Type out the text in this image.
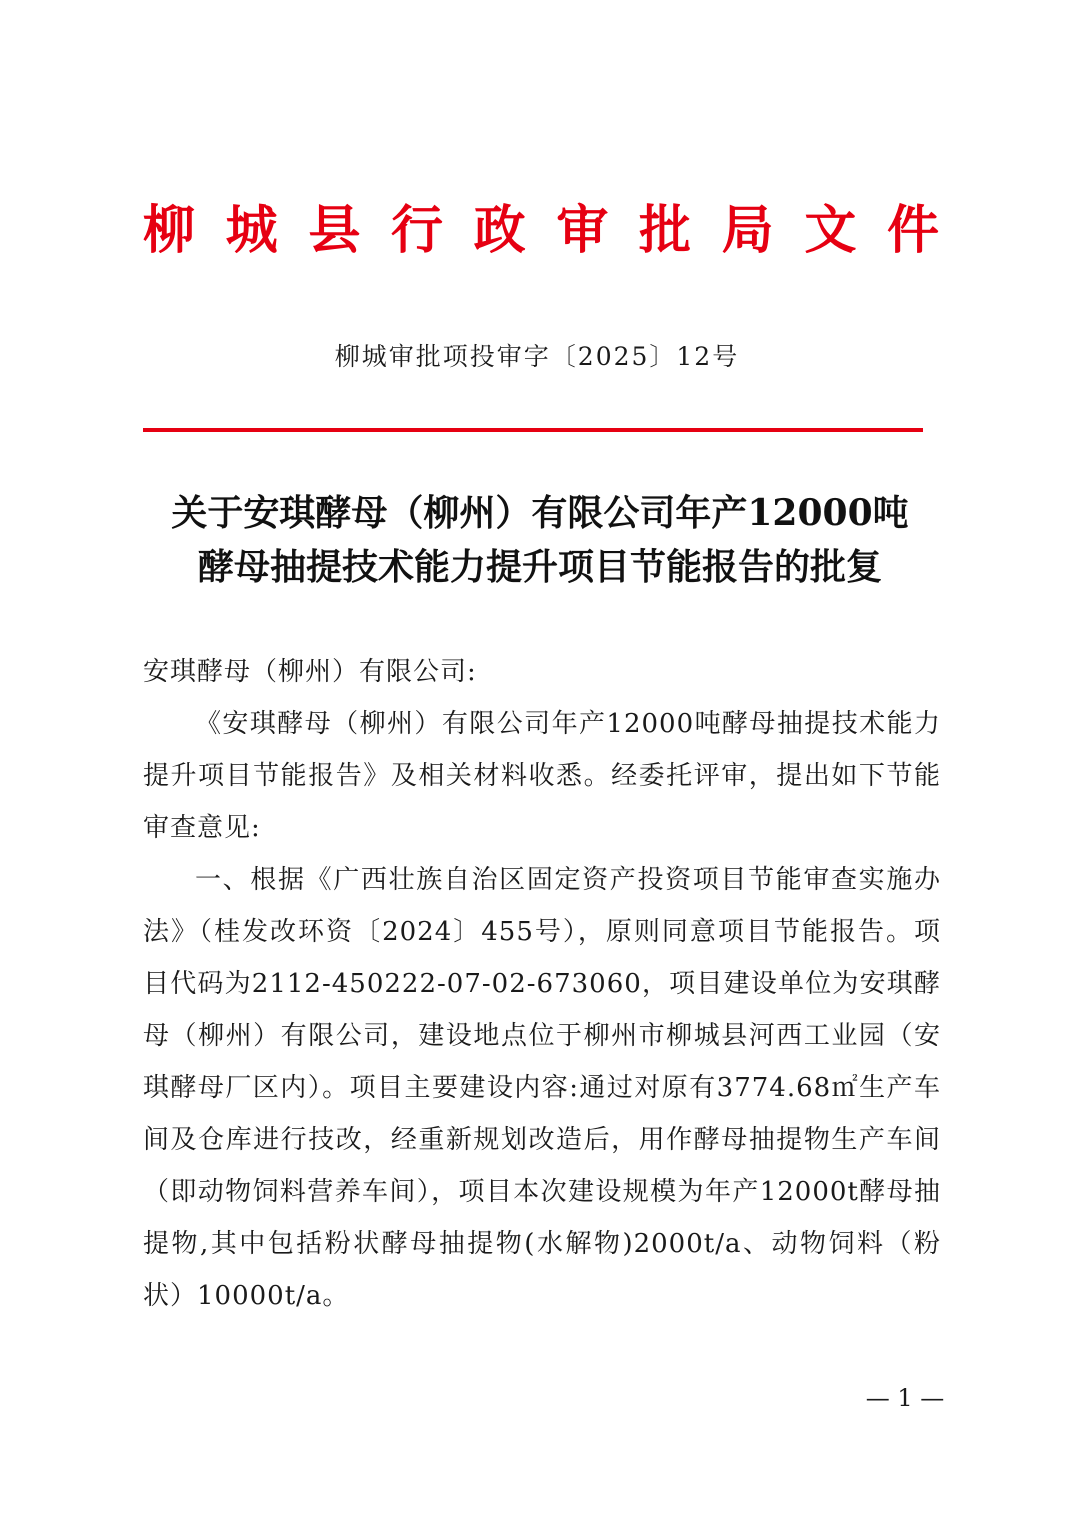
柳城县行政审批局文件
柳城审批项投审字〔2025〕12号
关于安琪酵母（柳州）有限公司年产12000吨
酵母抽提技术能力提升项目节能报告的批复

安琪酵母（柳州）有限公司:

《安琪酵母（柳州）有限公司年产12000吨酵母抽提技术能力提升项目节能报告》及相关材料收悉。经委托评审，提出如下节能审查意见:

一、根据《广西壮族自治区固定资产投资项目节能审查实施办法》（桂发改环资〔2024〕455号），原则同意项目节能报告。项目代码为2112-450222-07-02-673060，项目建设单位为安琪酵母（柳州）有限公司，建设地点位于柳州市柳城县河西工业园（安琪酵母厂区内）。项目主要建设内容:通过对原有3774.68㎡生产车间及仓库进行技改，经重新规划改造后，用作酵母抽提物生产车间（即动物饲料营养车间），项目本次建设规模为年产12000t酵母抽提物,其中包括粉状酵母抽提物(水解物)2000t/a、动物饲料（粉状）10000t/a。

— 1 —
